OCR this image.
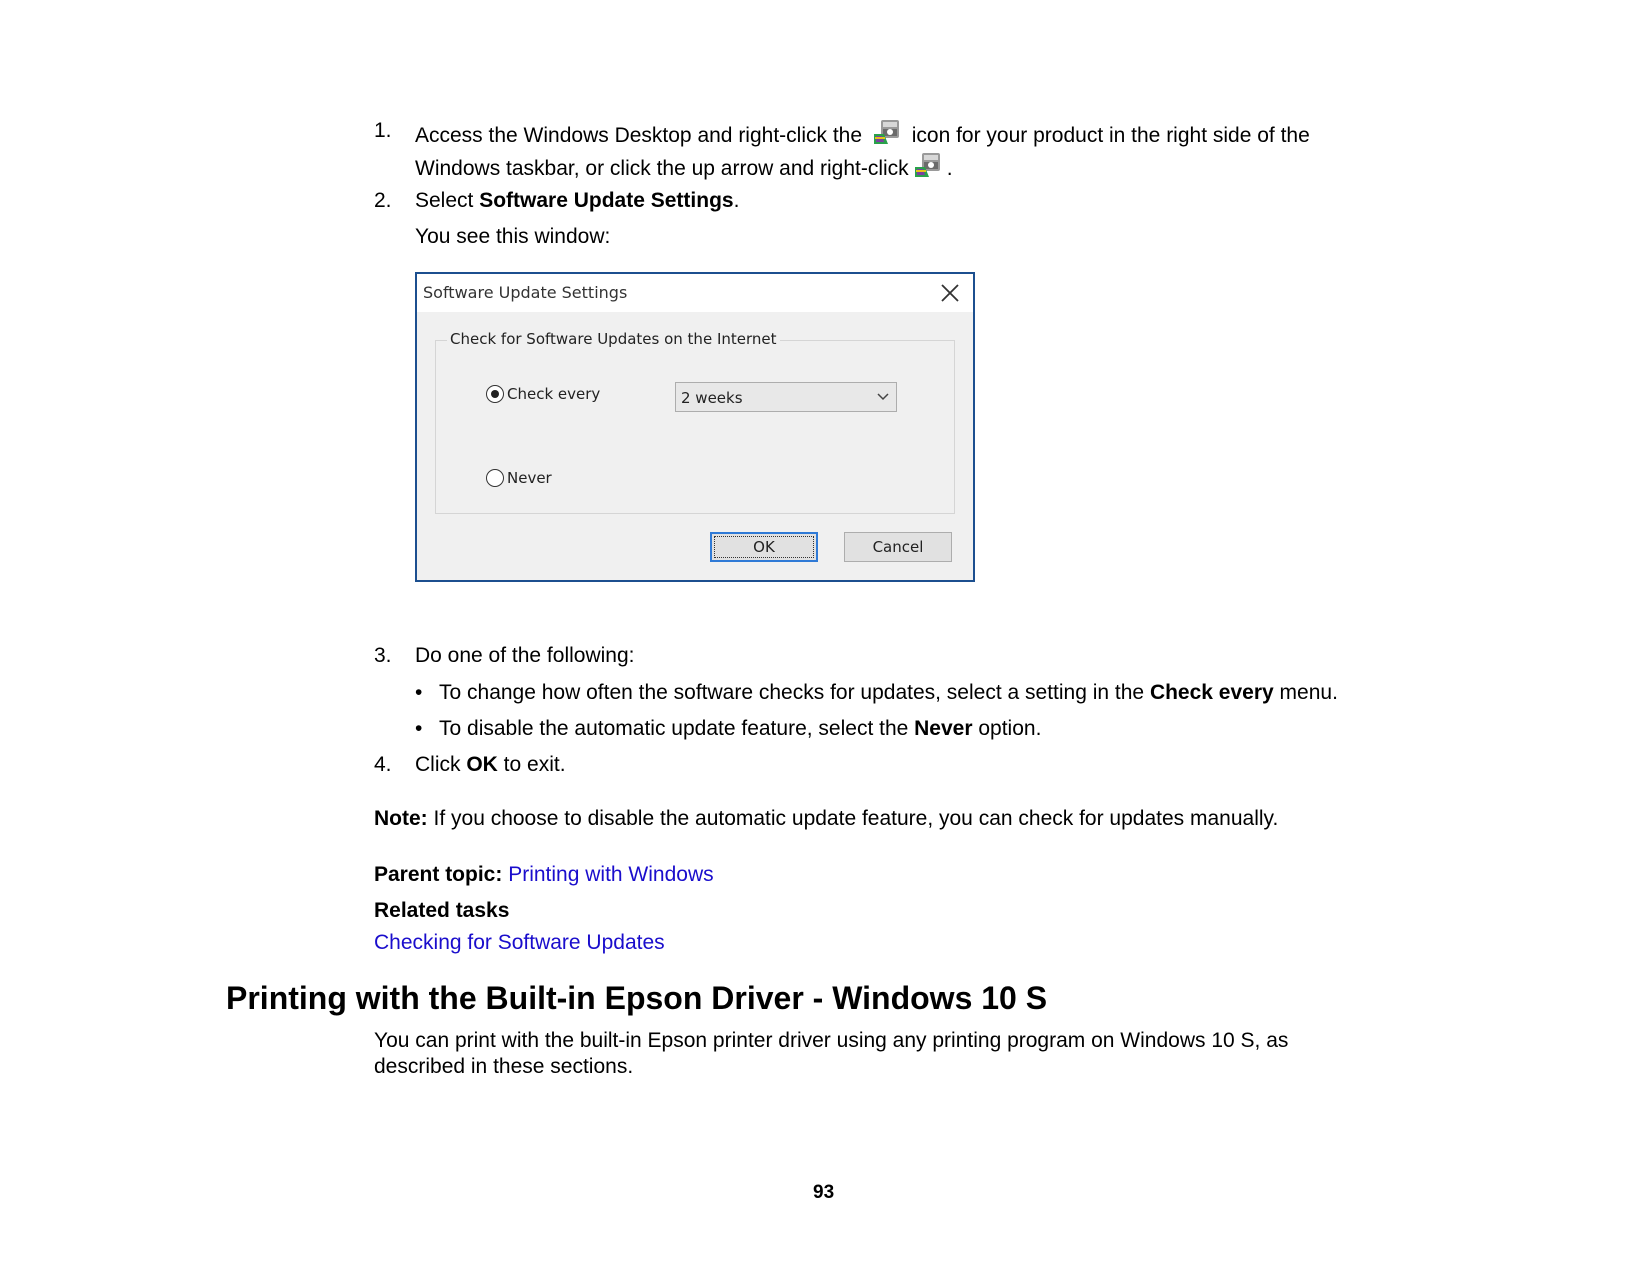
1. Access the Windows Desktop and right-click the icon for your product in the right side of the
Windows taskbar, or click the up arrow and right-click .
2. Select Software Update Settings.
You see this window:
Software Update Settings
Check for Software Updates on the Internet
Check every	2 weeks
Never
OK	Cancel
3. Do one of the following:
• To change how often the software checks for updates, select a setting in the Check every menu.
• To disable the automatic update feature, select the Never option.
4. Click OK to exit.
Note: If you choose to disable the automatic update feature, you can check for updates manually.
Parent topic: Printing with Windows
Related tasks
Checking for Software Updates
Printing with the Built-in Epson Driver - Windows 10 S
You can print with the built-in Epson printer driver using any printing program on Windows 10 S, as
described in these sections.
93
